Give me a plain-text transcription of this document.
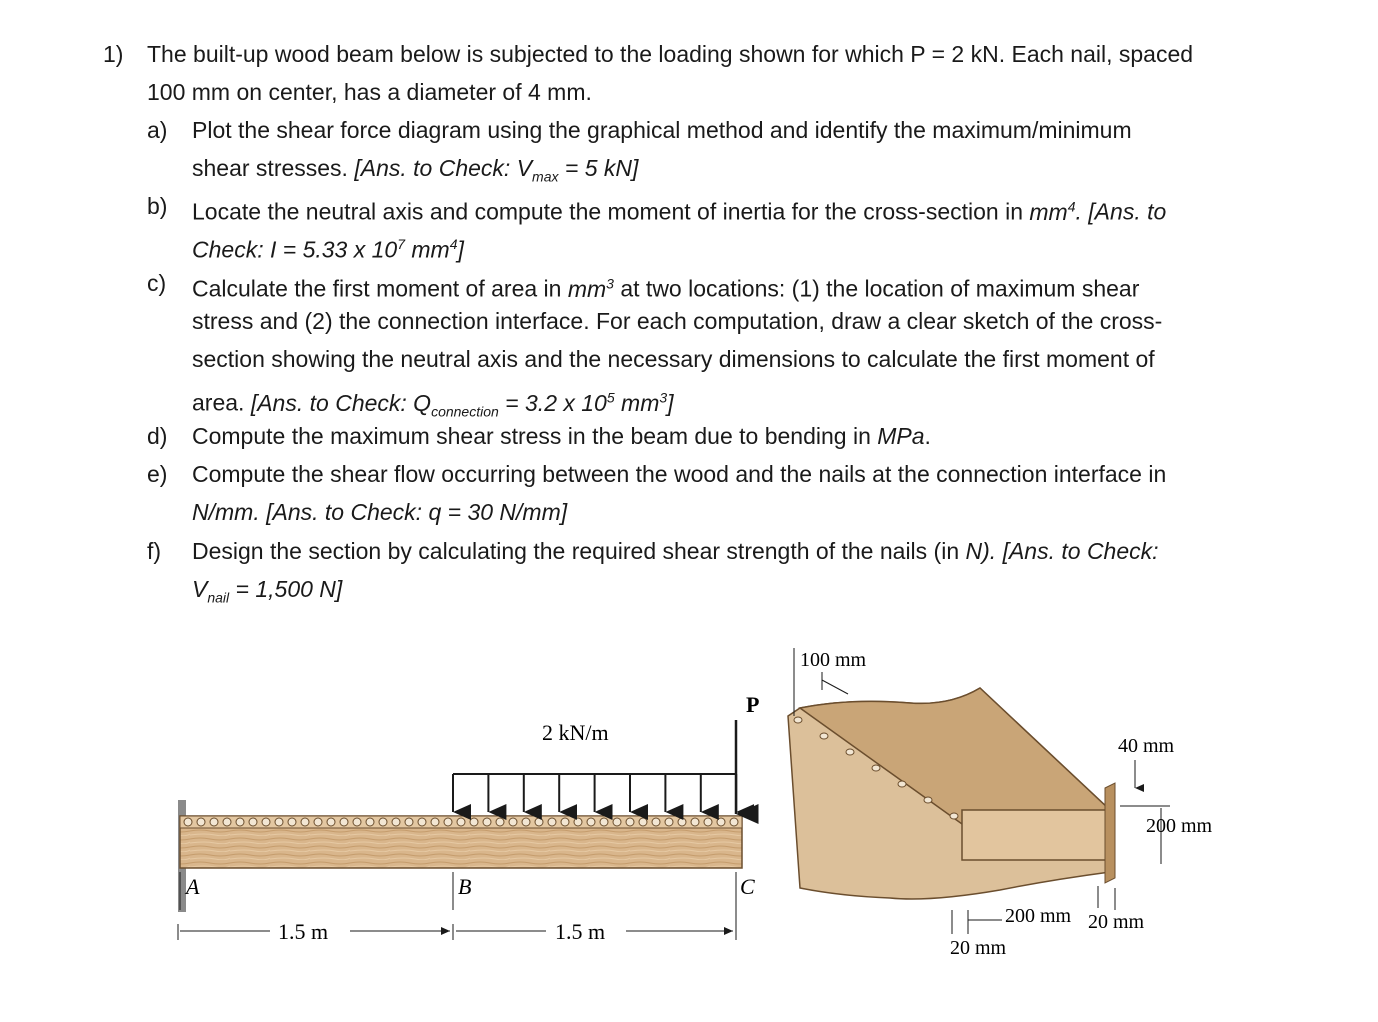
1) The built-up wood beam below is subjected to the loading shown for which P = 2 kN. Each nail, spaced
100 mm on center, has a diameter of 4 mm.
a) Plot the shear force diagram using the graphical method and identify the maximum/minimum
shear stresses. [Ans. to Check: $V_{max} = 5$ kN]
b) Locate the neutral axis and compute the moment of inertia for the cross-section in $mm^4$. [Ans. to
Check: I = 5.33 x $10^7$ $mm^4$]
c) Calculate the first moment of area in $mm^3$ at two locations: (1) the location of maximum shear
stress and (2) the connection interface. For each computation, draw a clear sketch of the cross-
section showing the neutral axis and the necessary dimensions to calculate the first moment of
area. [Ans. to Check: $Q_{connection} = 3.2$ x $10^5$ $mm^3$]
d) Compute the maximum shear stress in the beam due to bending in MPa.
e) Compute the shear flow occurring between the wood and the nails at the connection interface in
N/mm. [Ans. to Check: q = 30 N/mm]
f) Design the section by calculating the required shear strength of the nails (in N). [Ans. to Check:
$V_{nail} = 1,500$ N]
2 kN/m
P
A	B	C
1.5 m	1.5 m
100 mm
40 mm
200 mm
200 mm 20 mm
20 mm
